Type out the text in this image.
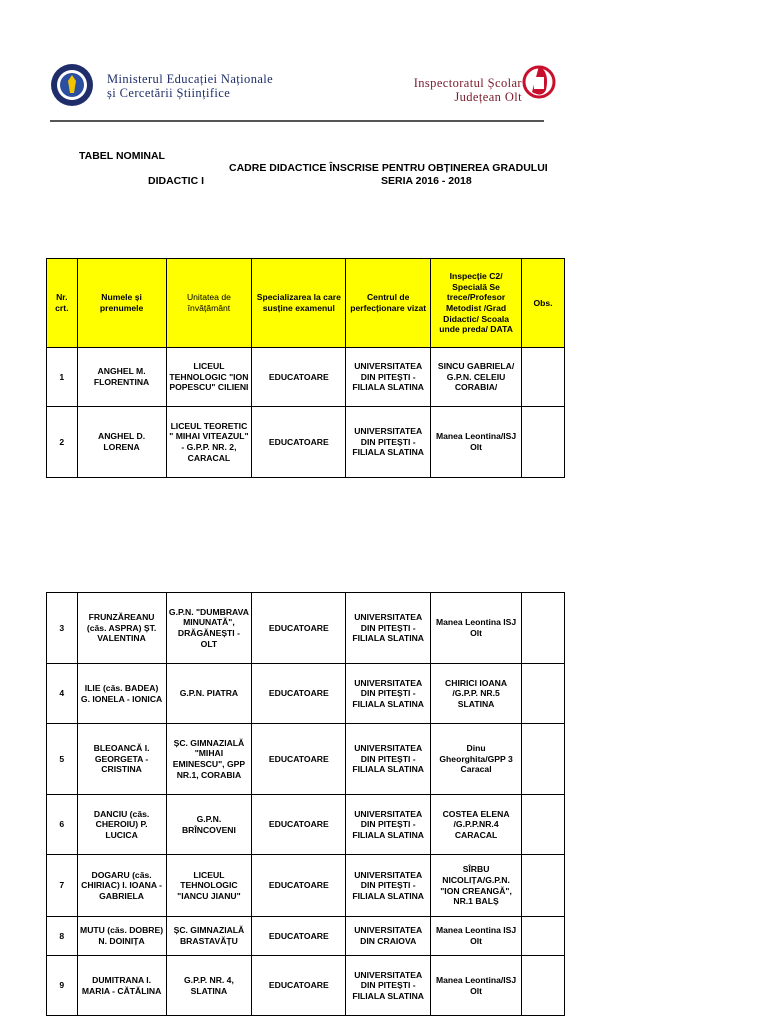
Ministerul Educației Naționale
și Cercetării Științifice
Inspectoratul Școlar
Județean Olt
TABEL NOMINAL
CADRE DIDACTICE ÎNSCRISE PENTRU OBȚINEREA GRADULUI
DIDACTIC I	SERIA 2016 - 2018
Nr. crt.	Numele și prenumele	Unitatea de învățământ	Specializarea la care susține examenul	Centrul de perfecționare vizat	Inspecție C2/ Specială Se trece/Profesor Metodist /Grad Didactic/ Scoala unde preda/ DATA	Obs.
1	ANGHEL M. FLORENTINA	LICEUL TEHNOLOGIC "ION POPESCU" CILIENI	EDUCATOARE	UNIVERSITATEA DIN PITEȘTI - FILIALA SLATINA	SINCU GABRIELA/ G.P.N. CELEIU CORABIA/	
2	ANGHEL D. LORENA	LICEUL TEORETIC " MIHAI VITEAZUL" - G.P.P. NR. 2, CARACAL	EDUCATOARE	UNIVERSITATEA DIN PITEȘTI - FILIALA SLATINA	Manea Leontina/ISJ Olt	
3	FRUNZĂREANU (căs. ASPRA) ȘT. VALENTINA	G.P.N. "DUMBRAVA MINUNATĂ", DRĂGĂNEȘTI - OLT	EDUCATOARE	UNIVERSITATEA DIN PITEȘTI - FILIALA SLATINA	Manea Leontina ISJ Olt	
4	ILIE (căs. BADEA) G. IONELA - IONICA	G.P.N. PIATRA	EDUCATOARE	UNIVERSITATEA DIN PITEȘTI - FILIALA SLATINA	CHIRICI IOANA /G.P.P. NR.5 SLATINA	
5	BLEOANCĂ I. GEORGETA - CRISTINA	ȘC. GIMNAZIALĂ "MIHAI EMINESCU", GPP NR.1, CORABIA	EDUCATOARE	UNIVERSITATEA DIN PITEȘTI - FILIALA SLATINA	Dinu Gheorghita/GPP 3 Caracal	
6	DANCIU (căs. CHEROIU) P. LUCICA	G.P.N. BRÎNCOVENI	EDUCATOARE	UNIVERSITATEA DIN PITEȘTI - FILIALA SLATINA	COSTEA ELENA /G.P.P.NR.4 CARACAL	
7	DOGARU (căs. CHIRIAC) I. IOANA - GABRIELA	LICEUL TEHNOLOGIC "IANCU JIANU"	EDUCATOARE	UNIVERSITATEA DIN PITEȘTI - FILIALA SLATINA	SÎRBU NICOLIȚA/G.P.N. "ION CREANGĂ", NR.1 BALȘ	
8	MUTU (căs. DOBRE) N. DOINIȚA	ȘC. GIMNAZIALĂ BRASTAVĂȚU	EDUCATOARE	UNIVERSITATEA DIN CRAIOVA	Manea Leontina ISJ Olt	
9	DUMITRANA I. MARIA - CĂTĂLINA	G.P.P. NR. 4, SLATINA	EDUCATOARE	UNIVERSITATEA DIN PITEȘTI - FILIALA SLATINA	Manea Leontina/ISJ Olt	
